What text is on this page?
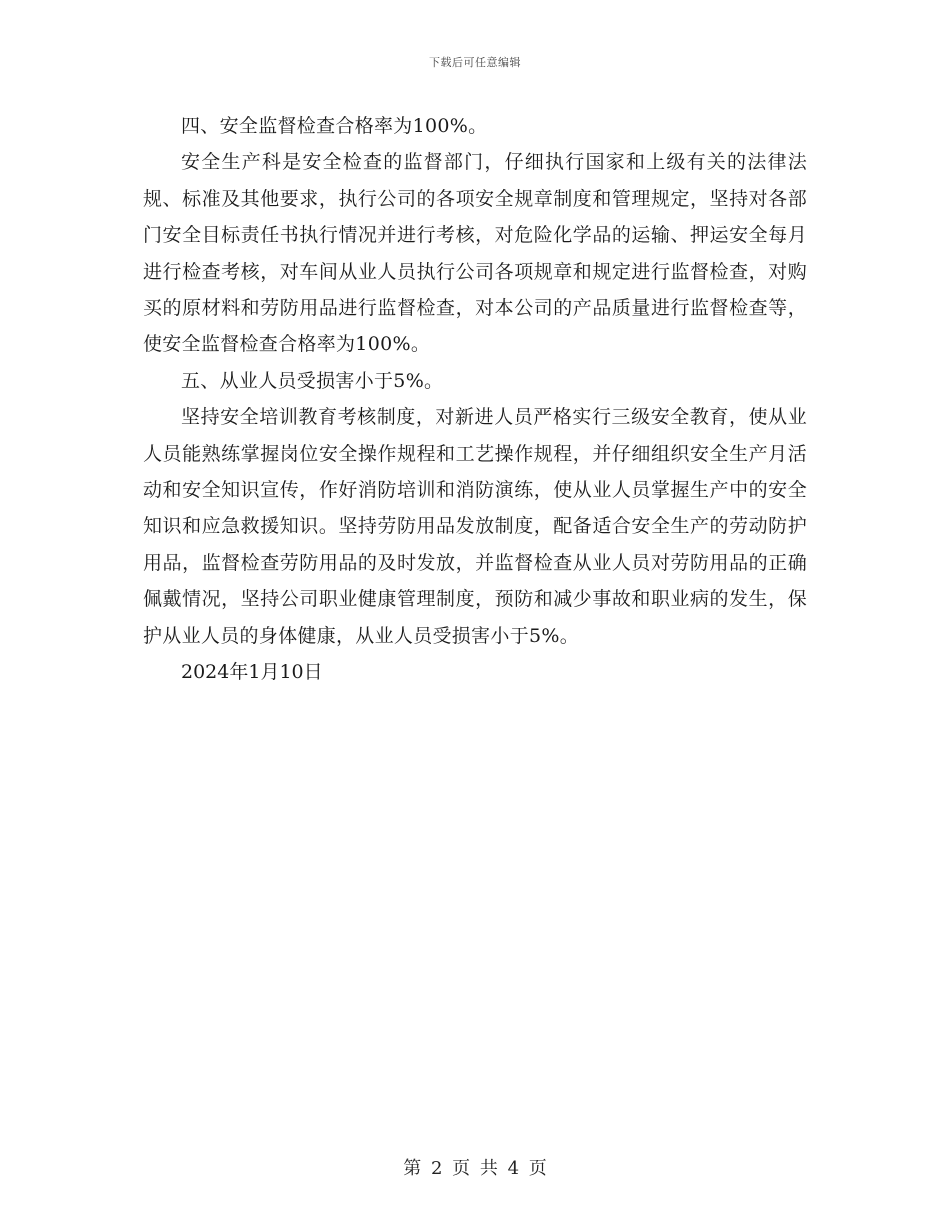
下载后可任意编辑

四、安全监督检查合格率为100%。

安全生产科是安全检查的监督部门，仔细执行国家和上级有关的法律法规、标准及其他要求，执行公司的各项安全规章制度和管理规定，坚持对各部门安全目标责任书执行情况并进行考核，对危险化学品的运输、押运安全每月进行检查考核，对车间从业人员执行公司各项规章和规定进行监督检查，对购买的原材料和劳防用品进行监督检查，对本公司的产品质量进行监督检查等，使安全监督检查合格率为100%。

五、从业人员受损害小于5%。

坚持安全培训教育考核制度，对新进人员严格实行三级安全教育，使从业人员能熟练掌握岗位安全操作规程和工艺操作规程，并仔细组织安全生产月活动和安全知识宣传，作好消防培训和消防演练，使从业人员掌握生产中的安全知识和应急救援知识。坚持劳防用品发放制度，配备适合安全生产的劳动防护用品，监督检查劳防用品的及时发放，并监督检查从业人员对劳防用品的正确佩戴情况，坚持公司职业健康管理制度，预防和减少事故和职业病的发生，保护从业人员的身体健康，从业人员受损害小于5%。

2024年1月10日

第 2 页 共 4 页
